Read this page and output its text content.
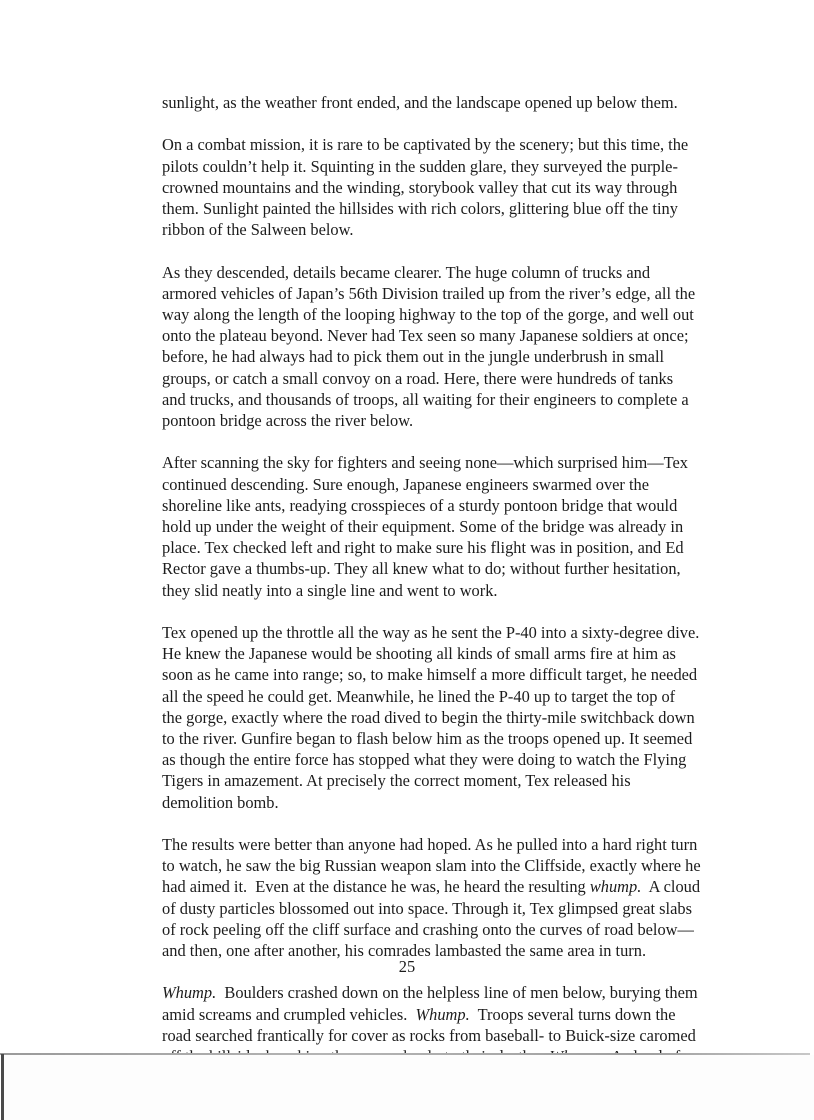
sunlight, as the weather front ended, and the landscape opened up below them.

On a combat mission, it is rare to be captivated by the scenery; but this time, the
pilots couldn’t help it. Squinting in the sudden glare, they surveyed the purple-
crowned mountains and the winding, storybook valley that cut its way through
them. Sunlight painted the hillsides with rich colors, glittering blue off the tiny
ribbon of the Salween below.

As they descended, details became clearer. The huge column of trucks and
armored vehicles of Japan’s 56th Division trailed up from the river’s edge, all the
way along the length of the looping highway to the top of the gorge, and well out
onto the plateau beyond. Never had Tex seen so many Japanese soldiers at once;
before, he had always had to pick them out in the jungle underbrush in small
groups, or catch a small convoy on a road. Here, there were hundreds of tanks
and trucks, and thousands of troops, all waiting for their engineers to complete a
pontoon bridge across the river below.

After scanning the sky for fighters and seeing none—which surprised him—Tex
continued descending. Sure enough, Japanese engineers swarmed over the
shoreline like ants, readying crosspieces of a sturdy pontoon bridge that would
hold up under the weight of their equipment. Some of the bridge was already in
place. Tex checked left and right to make sure his flight was in position, and Ed
Rector gave a thumbs-up. They all knew what to do; without further hesitation,
they slid neatly into a single line and went to work.

Tex opened up the throttle all the way as he sent the P-40 into a sixty-degree dive.
He knew the Japanese would be shooting all kinds of small arms fire at him as
soon as he came into range; so, to make himself a more difficult target, he needed
all the speed he could get. Meanwhile, he lined the P-40 up to target the top of
the gorge, exactly where the road dived to begin the thirty-mile switchback down
to the river. Gunfire began to flash below him as the troops opened up. It seemed
as though the entire force has stopped what they were doing to watch the Flying
Tigers in amazement. At precisely the correct moment, Tex released his
demolition bomb.

The results were better than anyone had hoped. As he pulled into a hard right turn
to watch, he saw the big Russian weapon slam into the Cliffside, exactly where he
had aimed it.  Even at the distance he was, he heard the resulting whump.  A cloud
of dusty particles blossomed out into space. Through it, Tex glimpsed great slabs
of rock peeling off the cliff surface and crashing onto the curves of road below—
and then, one after another, his comrades lambasted the same area in turn.

Whump.  Boulders crashed down on the helpless line of men below, burying them
amid screams and crumpled vehicles.  Whump.  Troops several turns down the
road searched frantically for cover as rocks from baseball- to Buick-size caromed

25
